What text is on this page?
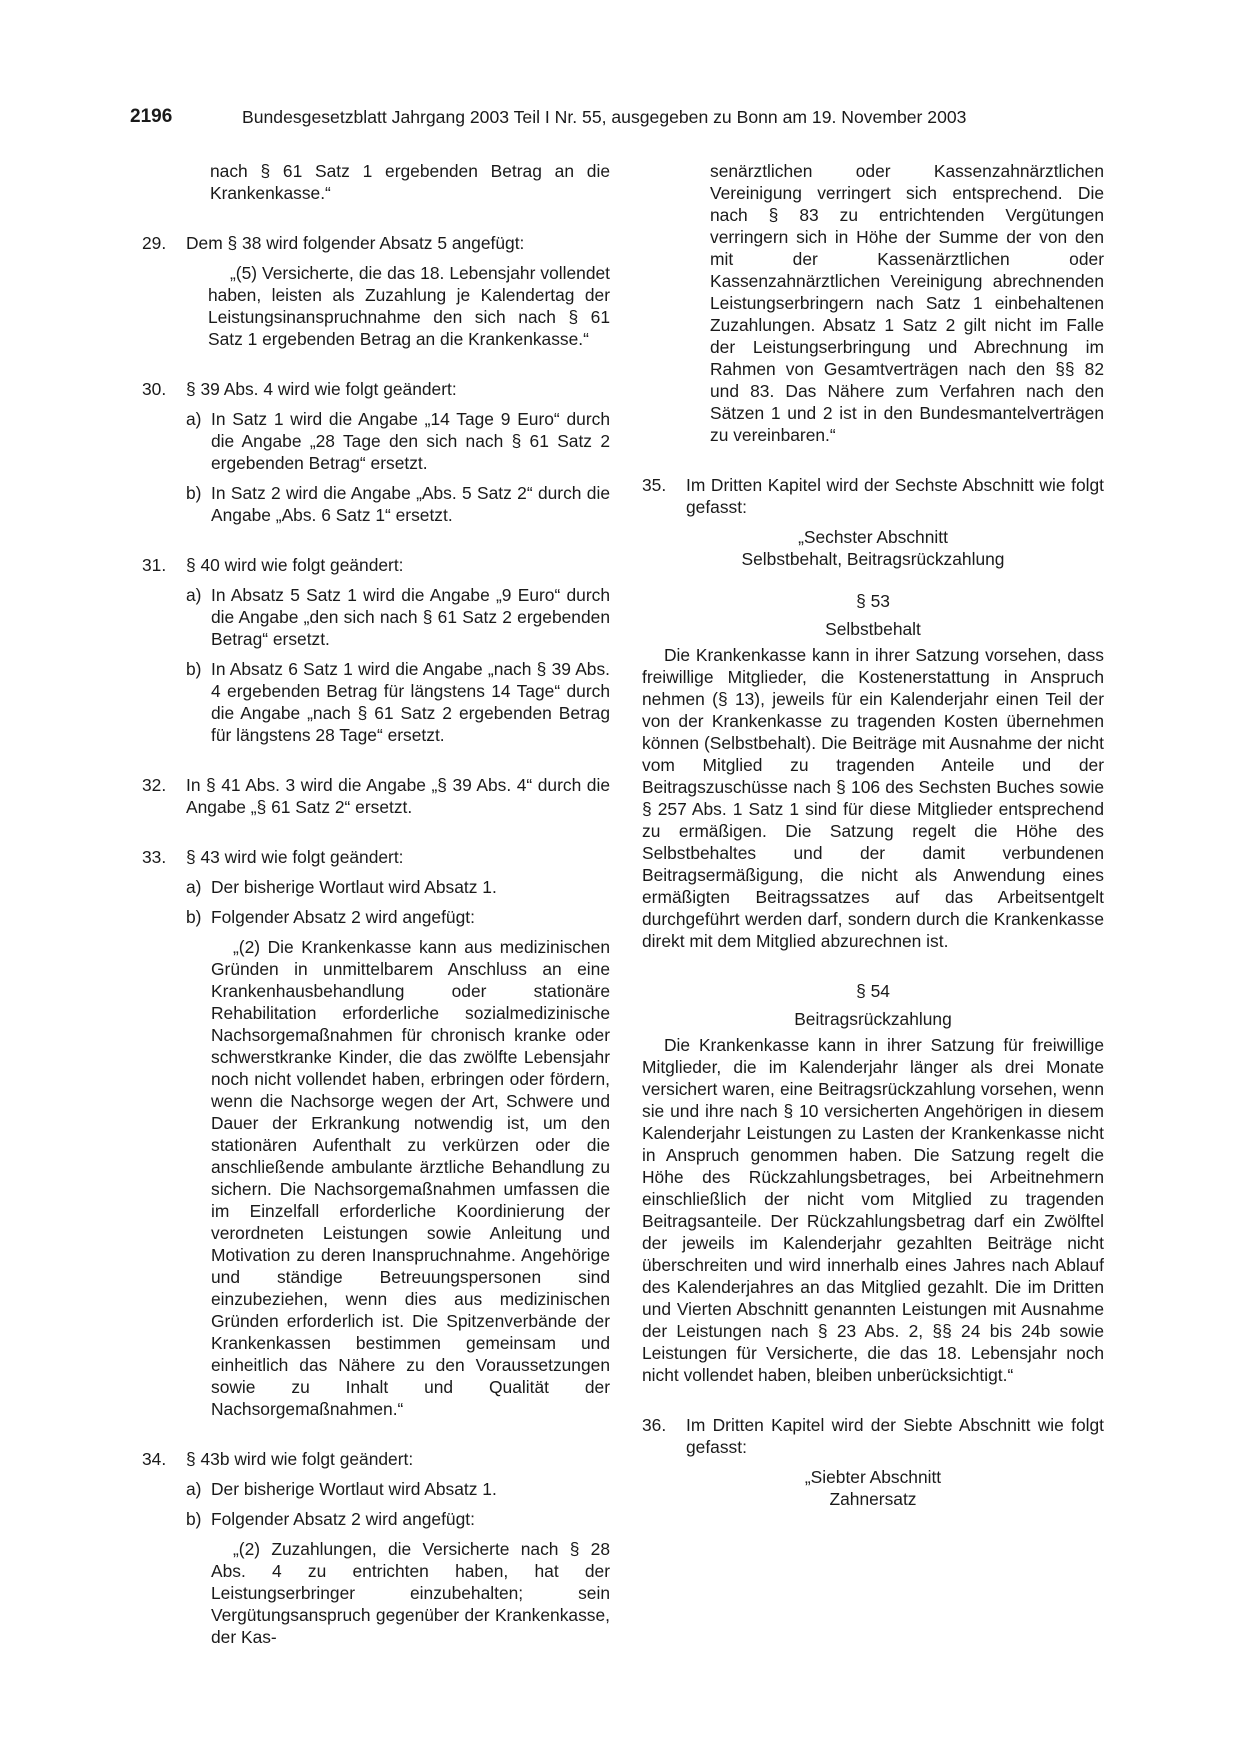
2196	Bundesgesetzblatt Jahrgang 2003 Teil I Nr. 55, ausgegeben zu Bonn am 19. November 2003

nach § 61 Satz 1 ergebenden Betrag an die Krankenkasse.“

29. Dem § 38 wird folgender Absatz 5 angefügt:

„(5) Versicherte, die das 18. Lebensjahr vollendet haben, leisten als Zuzahlung je Kalendertag der Leistungsinanspruchnahme den sich nach § 61 Satz 1 ergebenden Betrag an die Krankenkasse.“

30. § 39 Abs. 4 wird wie folgt geändert:

a) In Satz 1 wird die Angabe „14 Tage 9 Euro“ durch die Angabe „28 Tage den sich nach § 61 Satz 2 ergebenden Betrag“ ersetzt.

b) In Satz 2 wird die Angabe „Abs. 5 Satz 2“ durch die Angabe „Abs. 6 Satz 1“ ersetzt.

31. § 40 wird wie folgt geändert:

a) In Absatz 5 Satz 1 wird die Angabe „9 Euro“ durch die Angabe „den sich nach § 61 Satz 2 ergebenden Betrag“ ersetzt.

b) In Absatz 6 Satz 1 wird die Angabe „nach § 39 Abs. 4 ergebenden Betrag für längstens 14 Tage“ durch die Angabe „nach § 61 Satz 2 ergebenden Betrag für längstens 28 Tage“ ersetzt.

32. In § 41 Abs. 3 wird die Angabe „§ 39 Abs. 4“ durch die Angabe „§ 61 Satz 2“ ersetzt.

33. § 43 wird wie folgt geändert:

a) Der bisherige Wortlaut wird Absatz 1.

b) Folgender Absatz 2 wird angefügt:

„(2) Die Krankenkasse kann aus medizinischen Gründen in unmittelbarem Anschluss an eine Krankenhausbehandlung oder stationäre Rehabilitation erforderliche sozialmedizinische Nachsorgemaßnahmen für chronisch kranke oder schwerstkranke Kinder, die das zwölfte Lebensjahr noch nicht vollendet haben, erbringen oder fördern, wenn die Nachsorge wegen der Art, Schwere und Dauer der Erkrankung notwendig ist, um den stationären Aufenthalt zu verkürzen oder die anschließende ambulante ärztliche Behandlung zu sichern. Die Nachsorgemaßnahmen umfassen die im Einzelfall erforderliche Koordinierung der verordneten Leistungen sowie Anleitung und Motivation zu deren Inanspruchnahme. Angehörige und ständige Betreuungspersonen sind einzubeziehen, wenn dies aus medizinischen Gründen erforderlich ist. Die Spitzenverbände der Krankenkassen bestimmen gemeinsam und einheitlich das Nähere zu den Voraussetzungen sowie zu Inhalt und Qualität der Nachsorgemaßnahmen.“

34. § 43b wird wie folgt geändert:

a) Der bisherige Wortlaut wird Absatz 1.

b) Folgender Absatz 2 wird angefügt:

„(2) Zuzahlungen, die Versicherte nach § 28 Abs. 4 zu entrichten haben, hat der Leistungserbringer einzubehalten; sein Vergütungsanspruch gegenüber der Krankenkasse, der Kas-

senärztlichen oder Kassenzahnärztlichen Vereinigung verringert sich entsprechend. Die nach § 83 zu entrichtenden Vergütungen verringern sich in Höhe der Summe der von den mit der Kassenärztlichen oder Kassenzahnärztlichen Vereinigung abrechnenden Leistungserbringern nach Satz 1 einbehaltenen Zuzahlungen. Absatz 1 Satz 2 gilt nicht im Falle der Leistungserbringung und Abrechnung im Rahmen von Gesamtverträgen nach den §§ 82 und 83. Das Nähere zum Verfahren nach den Sätzen 1 und 2 ist in den Bundesmantelverträgen zu vereinbaren.“

35. Im Dritten Kapitel wird der Sechste Abschnitt wie folgt gefasst:

„Sechster Abschnitt

Selbstbehalt, Beitragsrückzahlung

§ 53

Selbstbehalt

Die Krankenkasse kann in ihrer Satzung vorsehen, dass freiwillige Mitglieder, die Kostenerstattung in Anspruch nehmen (§ 13), jeweils für ein Kalenderjahr einen Teil der von der Krankenkasse zu tragenden Kosten übernehmen können (Selbstbehalt). Die Beiträge mit Ausnahme der nicht vom Mitglied zu tragenden Anteile und der Beitragszuschüsse nach § 106 des Sechsten Buches sowie § 257 Abs. 1 Satz 1 sind für diese Mitglieder entsprechend zu ermäßigen. Die Satzung regelt die Höhe des Selbstbehaltes und der damit verbundenen Beitragsermäßigung, die nicht als Anwendung eines ermäßigten Beitragssatzes auf das Arbeitsentgelt durchgeführt werden darf, sondern durch die Krankenkasse direkt mit dem Mitglied abzurechnen ist.

§ 54

Beitragsrückzahlung

Die Krankenkasse kann in ihrer Satzung für freiwillige Mitglieder, die im Kalenderjahr länger als drei Monate versichert waren, eine Beitragsrückzahlung vorsehen, wenn sie und ihre nach § 10 versicherten Angehörigen in diesem Kalenderjahr Leistungen zu Lasten der Krankenkasse nicht in Anspruch genommen haben. Die Satzung regelt die Höhe des Rückzahlungsbetrages, bei Arbeitnehmern einschließlich der nicht vom Mitglied zu tragenden Beitragsanteile. Der Rückzahlungsbetrag darf ein Zwölftel der jeweils im Kalenderjahr gezahlten Beiträge nicht überschreiten und wird innerhalb eines Jahres nach Ablauf des Kalenderjahres an das Mitglied gezahlt. Die im Dritten und Vierten Abschnitt genannten Leistungen mit Ausnahme der Leistungen nach § 23 Abs. 2, §§ 24 bis 24b sowie Leistungen für Versicherte, die das 18. Lebensjahr noch nicht vollendet haben, bleiben unberücksichtigt.“

36. Im Dritten Kapitel wird der Siebte Abschnitt wie folgt gefasst:

„Siebter Abschnitt

Zahnersatz
